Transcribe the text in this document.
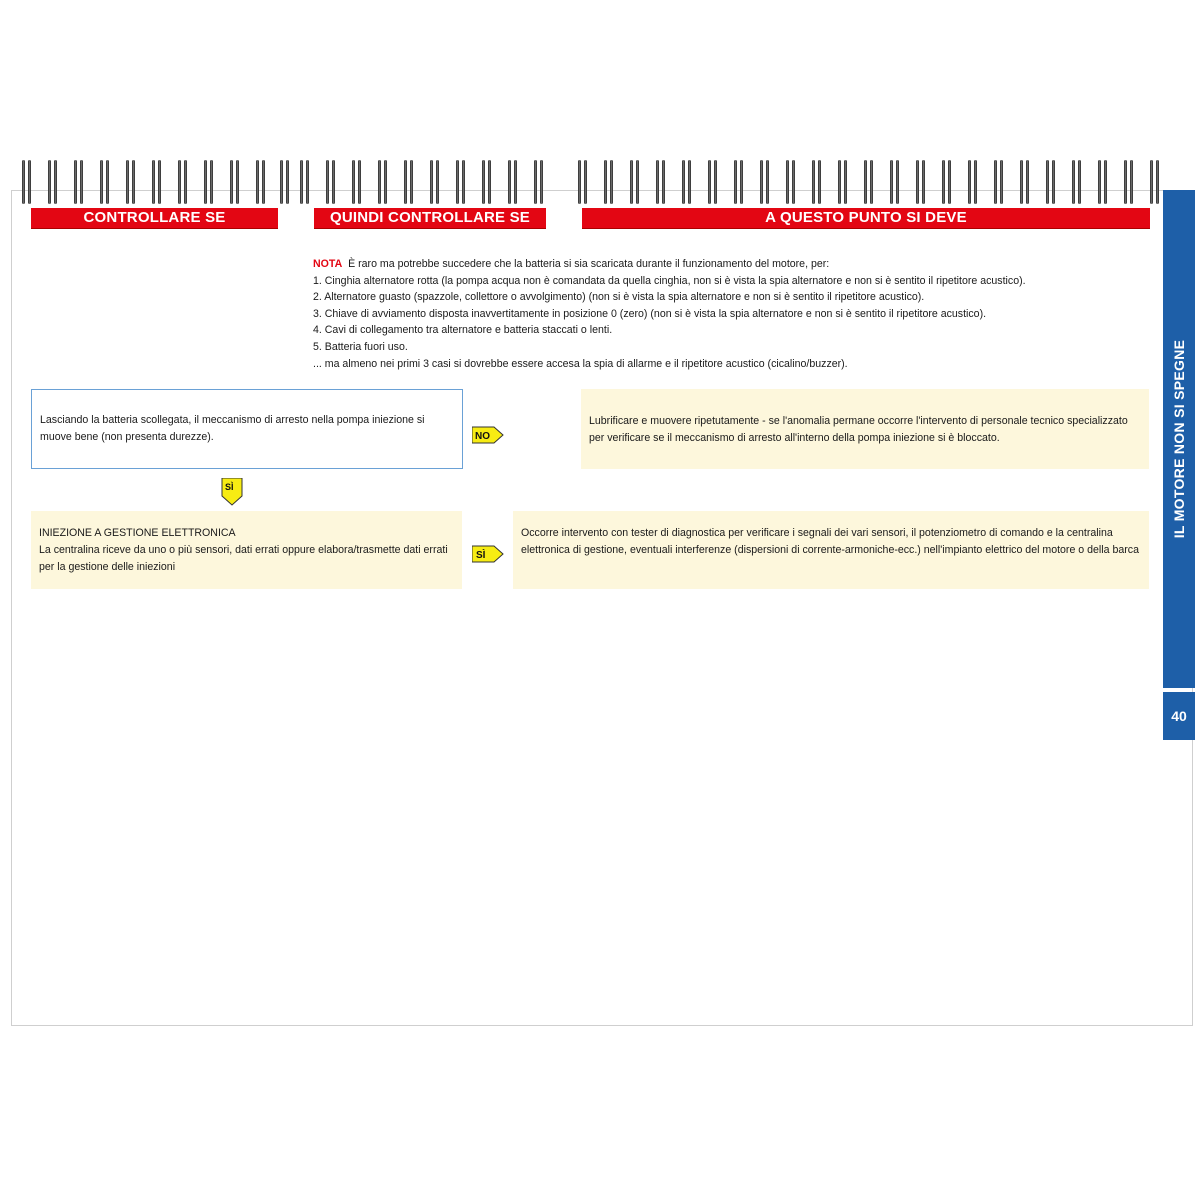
CONTROLLARE SE	QUINDI CONTROLLARE SE	A QUESTO PUNTO SI DEVE
IL MOTORE NON SI SPEGNE
40
NOTA È raro ma potrebbe succedere che la batteria si sia scaricata durante il funzionamento del motore, per:
1. Cinghia alternatore rotta (la pompa acqua non è comandata da quella cinghia, non si è vista la spia alternatore e non si è sentito il ripetitore acustico).
2. Alternatore guasto (spazzole, collettore o avvolgimento) (non si è vista la spia alternatore e non si è sentito il ripetitore acustico).
3. Chiave di avviamento disposta inavvertitamente in posizione 0 (zero) (non si è vista la spia alternatore e non si è sentito il ripetitore acustico).
4. Cavi di collegamento tra alternatore e batteria staccati o lenti.
5. Batteria fuori uso.
... ma almeno nei primi 3 casi si dovrebbe essere accesa la spia di allarme e il ripetitore acustico (cicalino/buzzer).
Lasciando la batteria scollegata, il meccanismo di arresto nella pompa iniezione si muove bene (non presenta durezze).	NO
Lubrificare e muovere ripetutamente - se l'anomalia permane occorre l'intervento di personale tecnico specializzato per verificare se il meccanismo di arresto all'interno della pompa iniezione si è bloccato.
SÌ
INIEZIONE A GESTIONE ELETTRONICA
La centralina riceve da uno o più sensori, dati errati oppure elabora/trasmette dati errati per la gestione delle iniezioni
SÌ
Occorre intervento con tester di diagnostica per verificare i segnali dei vari sensori, il potenziometro di comando e la centralina elettronica di gestione, eventuali interferenze (dispersioni di corrente-armoniche-ecc.) nell'impianto elettrico del motore o della barca
